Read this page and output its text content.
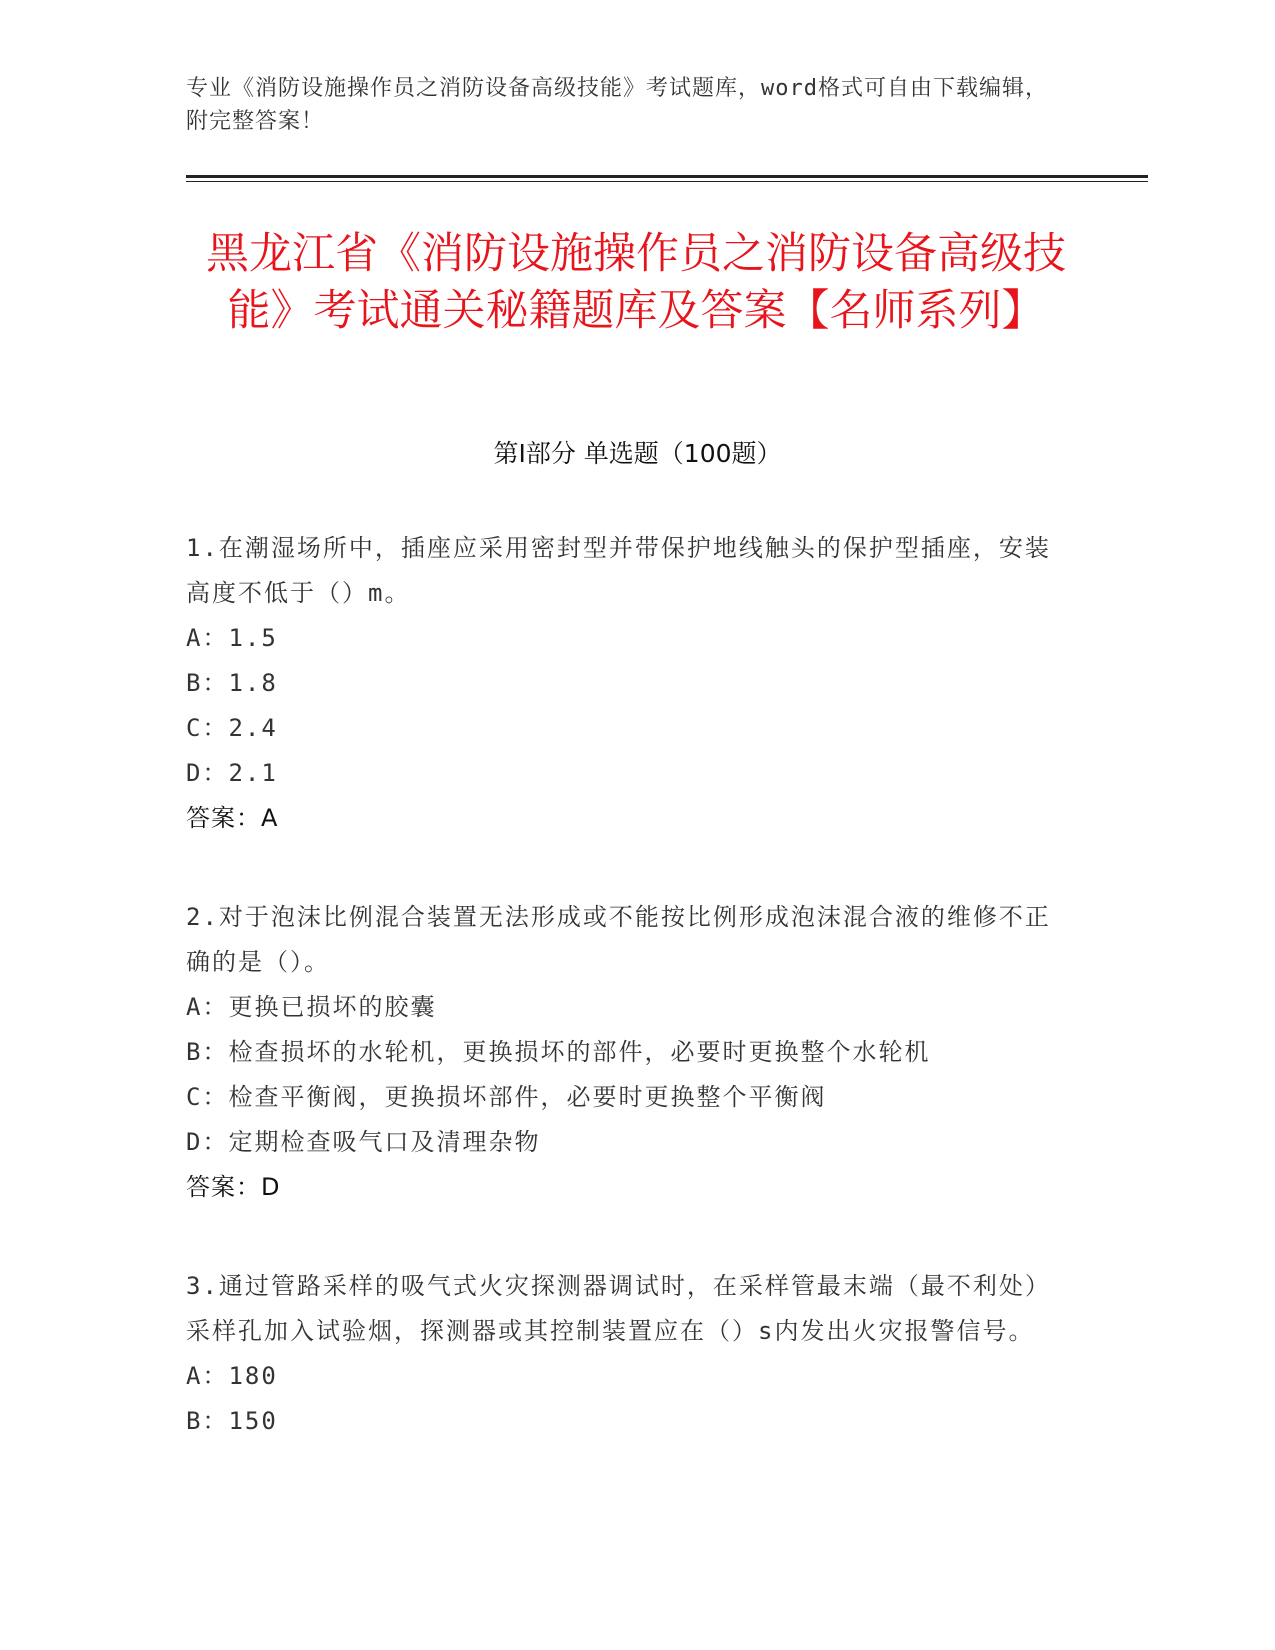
专业《消防设施操作员之消防设备高级技能》考试题库，word格式可自由下载编辑，附完整答案！
黑龙江省《消防设施操作员之消防设备高级技能》考试通关秘籍题库及答案【名师系列】
第I部分 单选题（100题）
1.在潮湿场所中，插座应采用密封型并带保护地线触头的保护型插座，安装高度不低于（）m。
A：1.5
B：1.8
C：2.4
D：2.1
答案：A
2.对于泡沫比例混合装置无法形成或不能按比例形成泡沫混合液的维修不正确的是（）。
A：更换已损坏的胶囊
B：检查损坏的水轮机，更换损坏的部件，必要时更换整个水轮机
C：检查平衡阀，更换损坏部件，必要时更换整个平衡阀
D：定期检查吸气口及清理杂物
答案：D
3.通过管路采样的吸气式火灾探测器调试时，在采样管最末端（最不利处）采样孔加入试验烟，探测器或其控制装置应在（）s内发出火灾报警信号。
A：180
B：150
